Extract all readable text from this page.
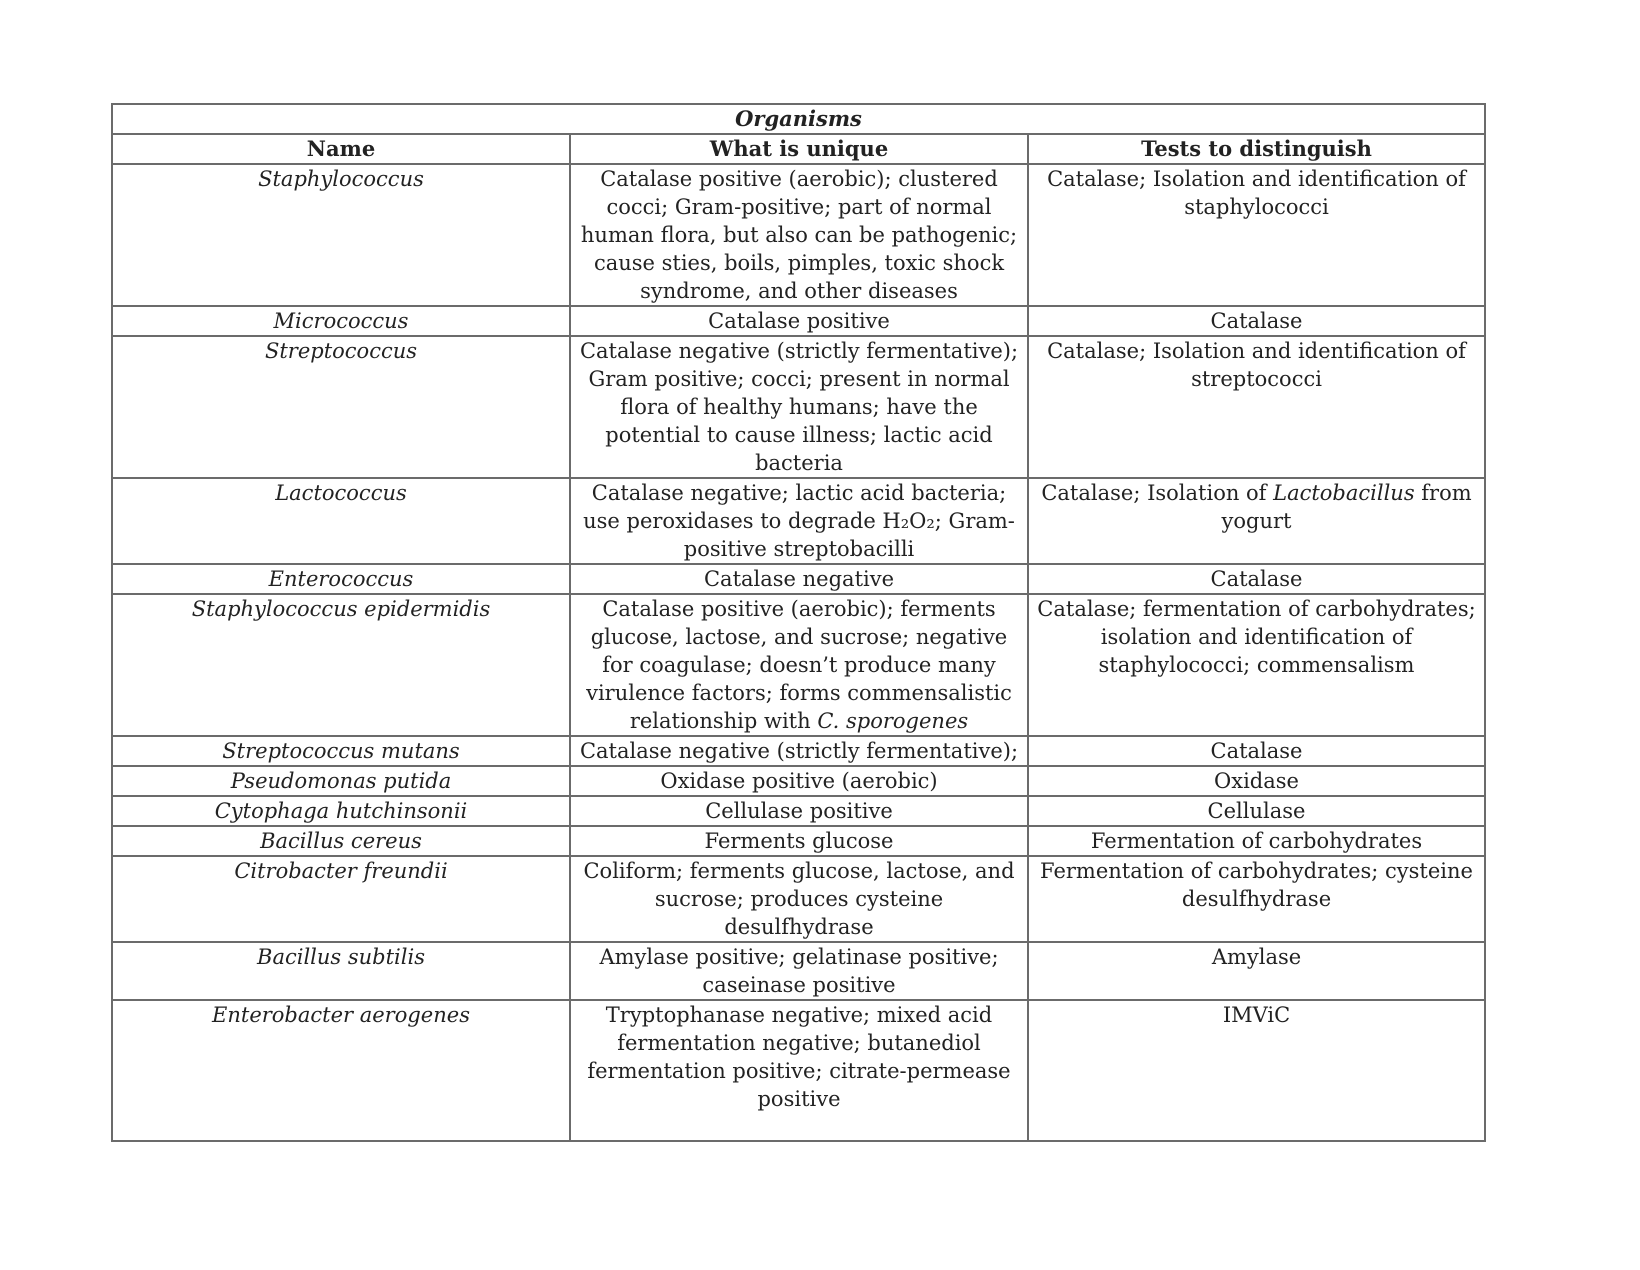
Organisms		
Name	What is unique	Tests to distinguish
Staphylococcus	Catalase positive (aerobic); clustered cocci; Gram-positive; part of normal human flora, but also can be pathogenic; cause sties, boils, pimples, toxic shock syndrome, and other diseases	Catalase; Isolation and identification of staphylococci
Micrococcus	Catalase positive	Catalase
Streptococcus	Catalase negative (strictly fermentative); Gram positive; cocci; present in normal flora of healthy humans; have the potential to cause illness; lactic acid bacteria	Catalase; Isolation and identification of streptococci
Lactococcus	Catalase negative; lactic acid bacteria; use peroxidases to degrade H₂O₂; Gram-positive streptobacilli	Catalase; Isolation of Lactobacillus from yogurt
Enterococcus	Catalase negative	Catalase
Staphylococcus epidermidis	Catalase positive (aerobic); ferments glucose, lactose, and sucrose; negative for coagulase; doesn’t produce many virulence factors; forms commensalistic relationship with C. sporogenes	Catalase; fermentation of carbohydrates; isolation and identification of staphylococci; commensalism
Streptococcus mutans	Catalase negative (strictly fermentative);	Catalase
Pseudomonas putida	Oxidase positive (aerobic)	Oxidase
Cytophaga hutchinsonii	Cellulase positive	Cellulase
Bacillus cereus	Ferments glucose	Fermentation of carbohydrates
Citrobacter freundii	Coliform; ferments glucose, lactose, and sucrose; produces cysteine desulfhydrase	Fermentation of carbohydrates; cysteine desulfhydrase
Bacillus subtilis	Amylase positive; gelatinase positive; caseinase positive	Amylase
Enterobacter aerogenes	Tryptophanase negative; mixed acid fermentation negative; butanediol fermentation positive; citrate-permease positive	IMViC
